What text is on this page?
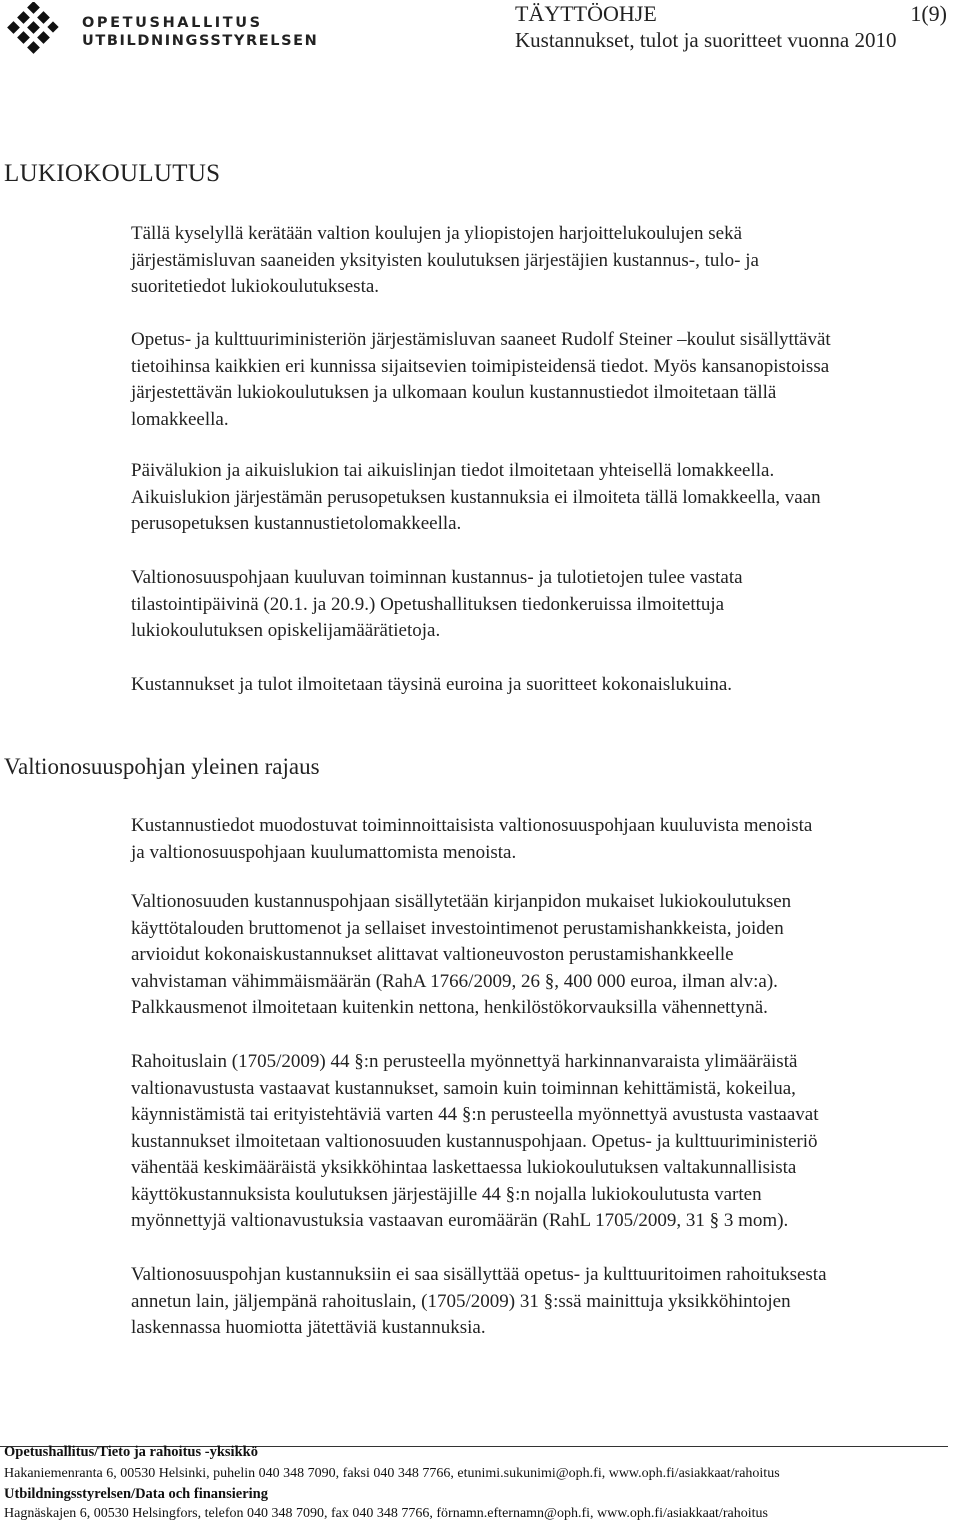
OPETUSHALLITUS
UTBILDNINGSSTYRELSEN
TÄYTTÖOHJE	1(9)
Kustannukset, tulot ja suoritteet vuonna 2010
LUKIOKOULUTUS
Tällä kyselyllä kerätään valtion koulujen ja yliopistojen harjoittelukoulujen sekä
järjestämisluvan saaneiden yksityisten koulutuksen järjestäjien kustannus-, tulo- ja
suoritetiedot lukiokoulutuksesta.
Opetus- ja kulttuuriministeriön järjestämisluvan saaneet Rudolf Steiner –koulut sisällyttävät
tietoihinsa kaikkien eri kunnissa sijaitsevien toimipisteidensä tiedot. Myös kansanopistoissa
järjestettävän lukiokoulutuksen ja ulkomaan koulun kustannustiedot ilmoitetaan tällä
lomakkeella.
Päivälukion ja aikuislukion tai aikuislinjan tiedot ilmoitetaan yhteisellä lomakkeella.
Aikuislukion järjestämän perusopetuksen kustannuksia ei ilmoiteta tällä lomakkeella, vaan
perusopetuksen kustannustietolomakkeella.
Valtionosuuspohjaan kuuluvan toiminnan kustannus- ja tulotietojen tulee vastata
tilastointipäivinä (20.1. ja 20.9.) Opetushallituksen tiedonkeruissa ilmoitettuja
lukiokoulutuksen opiskelijamäärätietoja.
Kustannukset ja tulot ilmoitetaan täysinä euroina ja suoritteet kokonaislukuina.
Valtionosuuspohjan yleinen rajaus
Kustannustiedot muodostuvat toiminnoittaisista valtionosuuspohjaan kuuluvista menoista
ja valtionosuuspohjaan kuulumattomista menoista.
Valtionosuuden kustannuspohjaan sisällytetään kirjanpidon mukaiset lukiokoulutuksen
käyttötalouden bruttomenot ja sellaiset investointimenot perustamishankkeista, joiden
arvioidut kokonaiskustannukset alittavat valtioneuvoston perustamishankkeelle
vahvistaman vähimmäismäärän (RahA 1766/2009, 26 §, 400 000 euroa, ilman alv:a).
Palkkausmenot ilmoitetaan kuitenkin nettona, henkilöstökorvauksilla vähennettynä.
Rahoituslain (1705/2009) 44 §:n perusteella myönnettyä harkinnanvaraista ylimääräistä
valtionavustusta vastaavat kustannukset, samoin kuin toiminnan kehittämistä, kokeilua,
käynnistämistä tai erityistehtäviä varten 44 §:n perusteella myönnettyä avustusta vastaavat
kustannukset ilmoitetaan valtionosuuden kustannuspohjaan. Opetus- ja kulttuuriministeriö
vähentää keskimääräistä yksikköhintaa laskettaessa lukiokoulutuksen valtakunnallisista
käyttökustannuksista koulutuksen järjestäjille 44 §:n nojalla lukiokoulutusta varten
myönnettyjä valtionavustuksia vastaavan euromäärän (RahL 1705/2009, 31 § 3 mom).
Valtionosuuspohjan kustannuksiin ei saa sisällyttää opetus- ja kulttuuritoimen rahoituksesta
annetun lain, jäljempänä rahoituslain, (1705/2009) 31 §:ssä mainittuja yksikköhintojen
laskennassa huomiotta jätettäviä kustannuksia.
Opetushallitus/Tieto ja rahoitus -yksikkö
Hakaniemenranta 6, 00530 Helsinki, puhelin 040 348 7090, faksi 040 348 7766, etunimi.sukunimi@oph.fi, www.oph.fi/asiakkaat/rahoitus
Utbildningsstyrelsen/Data och finansiering
Hagnäskajen 6, 00530 Helsingfors, telefon 040 348 7090, fax 040 348 7766, förnamn.efternamn@oph.fi, www.oph.fi/asiakkaat/rahoitus
